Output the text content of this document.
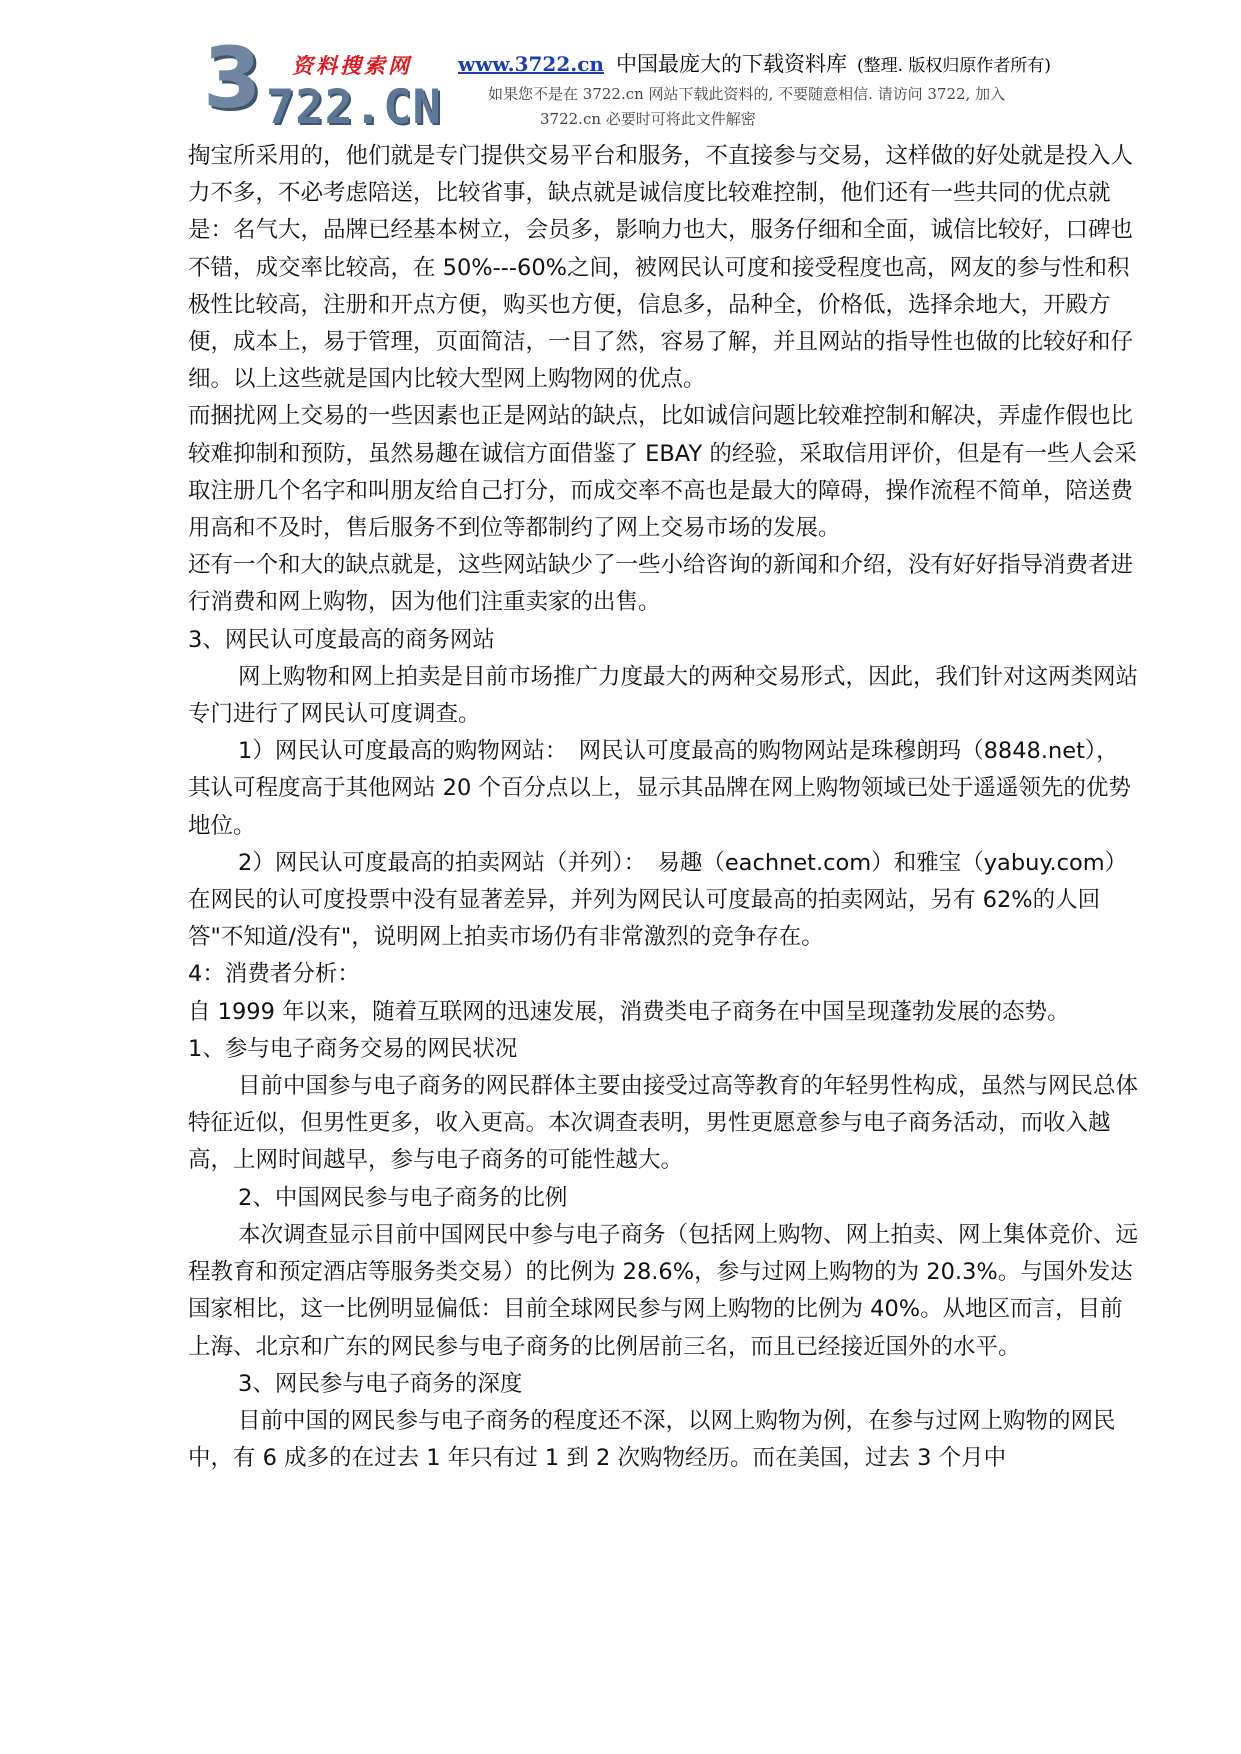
3 722.CN
资料搜索网 www.3722.cn 中国最庞大的下载资料库 (整理. 版权归原作者所有)
如果您不是在 3722.cn 网站下载此资料的, 不要随意相信. 请访问 3722, 加入
3722.cn 必要时可将此文件解密

掏宝所采用的，他们就是专门提供交易平台和服务，不直接参与交易，这样做的好处就是投入人力不多，不必考虑陪送，比较省事，缺点就是诚信度比较难控制，他们还有一些共同的优点就是：名气大，品牌已经基本树立，会员多，影响力也大，服务仔细和全面，诚信比较好，口碑也不错，成交率比较高，在 50%---60%之间，被网民认可度和接受程度也高，网友的参与性和积极性比较高，注册和开点方便，购买也方便，信息多，品种全，价格低，选择余地大，开殿方便，成本上，易于管理，页面简洁，一目了然，容易了解，并且网站的指导性也做的比较好和仔细。以上这些就是国内比较大型网上购物网的优点。

而捆扰网上交易的一些因素也正是网站的缺点，比如诚信问题比较难控制和解决，弄虚作假也比较难抑制和预防，虽然易趣在诚信方面借鉴了 EBAY 的经验，采取信用评价，但是有一些人会采取注册几个名字和叫朋友给自己打分，而成交率不高也是最大的障碍，操作流程不简单，陪送费用高和不及时，售后服务不到位等都制约了网上交易市场的发展。

还有一个和大的缺点就是，这些网站缺少了一些小给咨询的新闻和介绍，没有好好指导消费者进行消费和网上购物，因为他们注重卖家的出售。

3、网民认可度最高的商务网站

网上购物和网上拍卖是目前市场推广力度最大的两种交易形式，因此，我们针对这两类网站专门进行了网民认可度调查。

1）网民认可度最高的购物网站：　网民认可度最高的购物网站是珠穆朗玛（8848.net），其认可程度高于其他网站 20 个百分点以上，显示其品牌在网上购物领域已处于遥遥领先的优势地位。

2）网民认可度最高的拍卖网站（并列）：　易趣（eachnet.com）和雅宝（yabuy.com）在网民的认可度投票中没有显著差异，并列为网民认可度最高的拍卖网站，另有 62%的人回答"不知道/没有"，说明网上拍卖市场仍有非常激烈的竞争存在。

4：消费者分析：

自 1999 年以来，随着互联网的迅速发展，消费类电子商务在中国呈现蓬勃发展的态势。

1、参与电子商务交易的网民状况

目前中国参与电子商务的网民群体主要由接受过高等教育的年轻男性构成，虽然与网民总体特征近似，但男性更多，收入更高。本次调查表明，男性更愿意参与电子商务活动，而收入越高，上网时间越早，参与电子商务的可能性越大。

2、中国网民参与电子商务的比例

本次调查显示目前中国网民中参与电子商务（包括网上购物、网上拍卖、网上集体竞价、远程教育和预定酒店等服务类交易）的比例为 28.6%，参与过网上购物的为 20.3%。与国外发达国家相比，这一比例明显偏低：目前全球网民参与网上购物的比例为 40%。从地区而言，目前上海、北京和广东的网民参与电子商务的比例居前三名，而且已经接近国外的水平。

3、网民参与电子商务的深度

目前中国的网民参与电子商务的程度还不深，以网上购物为例，在参与过网上购物的网民中，有 6 成多的在过去 1 年只有过 1 到 2 次购物经历。而在美国，过去 3 个月中
